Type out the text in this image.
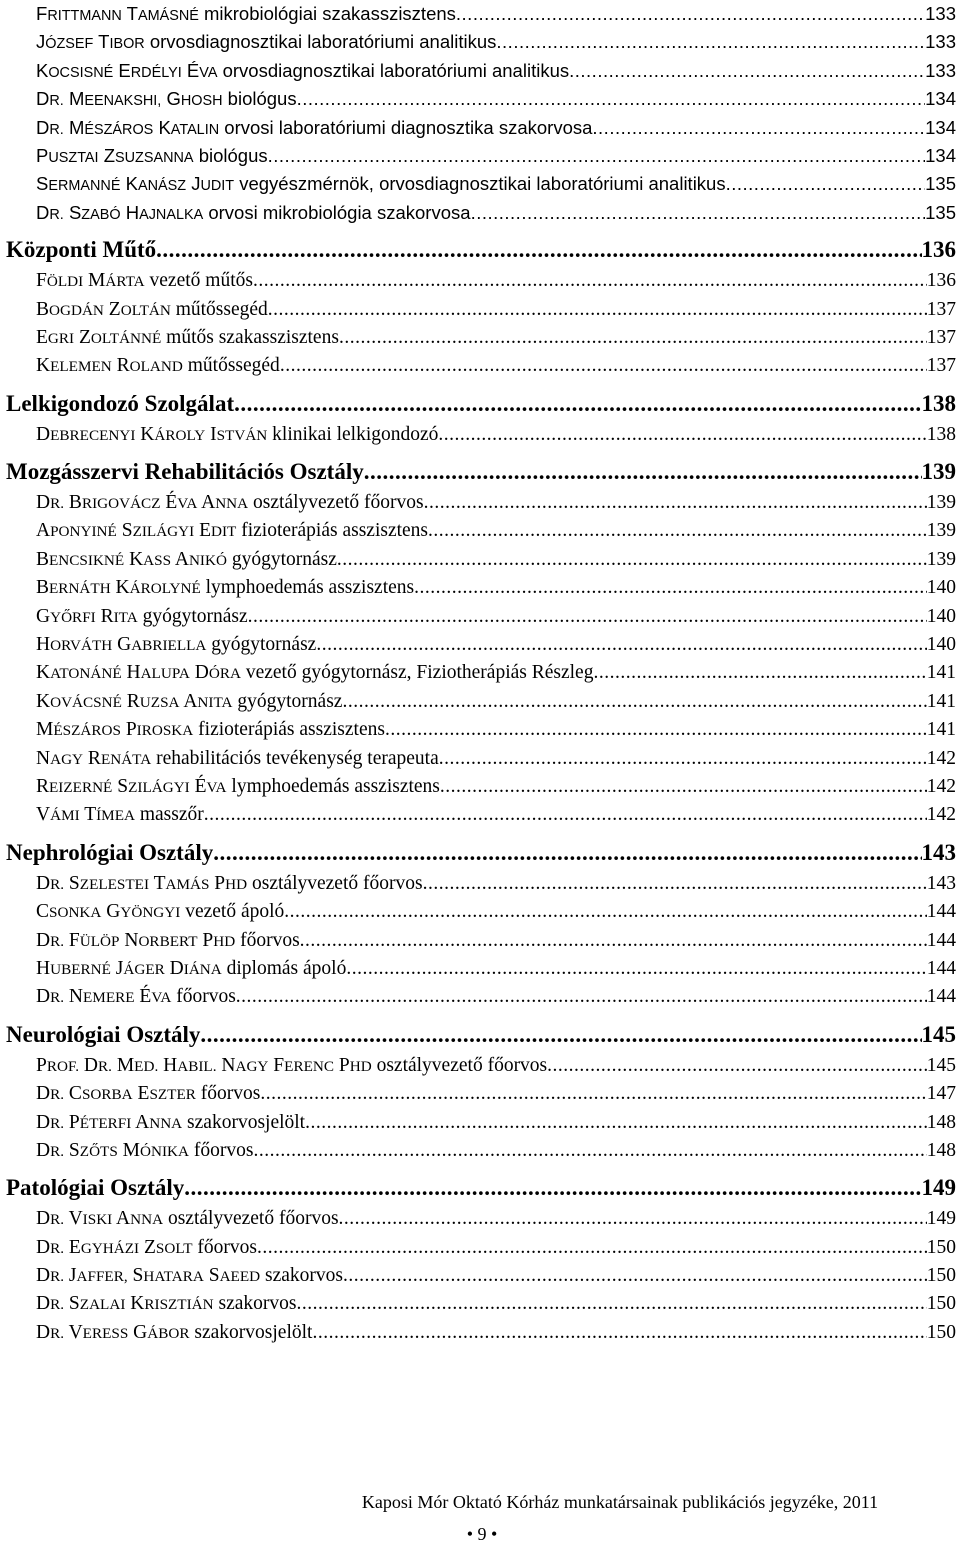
FRITTMANN TAMÁSNÉ mikrobiológiai szakasszisztens .....	133
JÓZSEF TIBOR orvosdiagnosztikai laboratóriumi analitikus .....	133
KOCSISNÉ ERDÉLYI ÉVA orvosdiagnosztikai laboratóriumi analitikus .....	133
DR. MEENAKSHI, GHOSH biológus .....	134
DR. MÉSZÁROS KATALIN orvosi laboratóriumi diagnosztika szakorvosa .....	134
PUSZTAI ZSUZSANNA biológus .....	134
SERMANNÉ KANÁSZ JUDIT vegyészmérnök, orvosdiagnosztikai laboratóriumi analitikus .....	135
DR. SZABÓ HAJNALKA orvosi mikrobiológia szakorvosa .....	135
Központi Műtő .....	136
FÖLDI MÁRTA vezető műtős .....	136
BOGDÁN ZOLTÁN műtőssegéd .....	137
EGRI ZOLTÁNNÉ műtős szakasszisztens .....	137
KELEMEN ROLAND műtőssegéd .....	137
Lelkigondozó Szolgálat .....	138
DEBRECENYI KÁROLY ISTVÁN klinikai lelkigondozó .....	138
Mozgásszervi Rehabilitációs Osztály .....	139
DR. BRIGOVÁCZ ÉVA ANNA osztályvezető főorvos .....	139
APONYINÉ SZILÁGYI EDIT fizioterápiás asszisztens .....	139
BENCSIKNÉ KASS ANIKÓ gyógytornász .....	139
BERNÁTH KÁROLYNÉ lymphoedemás asszisztens .....	140
GYŐRFI RITA gyógytornász .....	140
HORVÁTH GABRIELLA gyógytornász .....	140
KATONÁNÉ HALUPA DÓRA vezető gyógytornász, Fiziotherápiás Részleg .....	141
KOVÁCSNÉ RUZSA ANITA gyógytornász .....	141
MÉSZÁROS PIROSKA fizioterápiás asszisztens .....	141
NAGY RENÁTA rehabilitációs tevékenység terapeuta .....	142
REIZERNÉ SZILÁGYI ÉVA lymphoedemás asszisztens .....	142
VÁMI TÍMEA masszőr .....	142
Nephrológiai Osztály .....	143
DR. SZELESTEI TAMÁS PHD osztályvezető főorvos .....	143
CSONKA GYÖNGYI vezető ápoló .....	144
DR. FÜLÖP NORBERT PHD főorvos .....	144
HUBERNÉ JÁGER DIÁNA diplomás ápoló .....	144
DR. NEMERE ÉVA főorvos .....	144
Neurológiai Osztály .....	145
PROF. DR. MED. HABIL. NAGY FERENC PHD osztályvezető főorvos .....	145
DR. CSORBA ESZTER főorvos .....	147
DR. PÉTERFI ANNA szakorvosjelölt .....	148
DR. SZŐTS MÓNIKA főorvos .....	148
Patológiai Osztály .....	149
DR. VISKI ANNA osztályvezető főorvos .....	149
DR. EGYHÁZI ZSOLT főorvos .....	150
DR. JAFFER, SHATARA SAEED szakorvos .....	150
DR. SZALAI KRISZTIÁN szakorvos .....	150
DR. VERESS GÁBOR szakorvosjelölt .....	150
Kaposi Mór Oktató Kórház munkatársainak publikációs jegyzéke, 2011
• 9 •
